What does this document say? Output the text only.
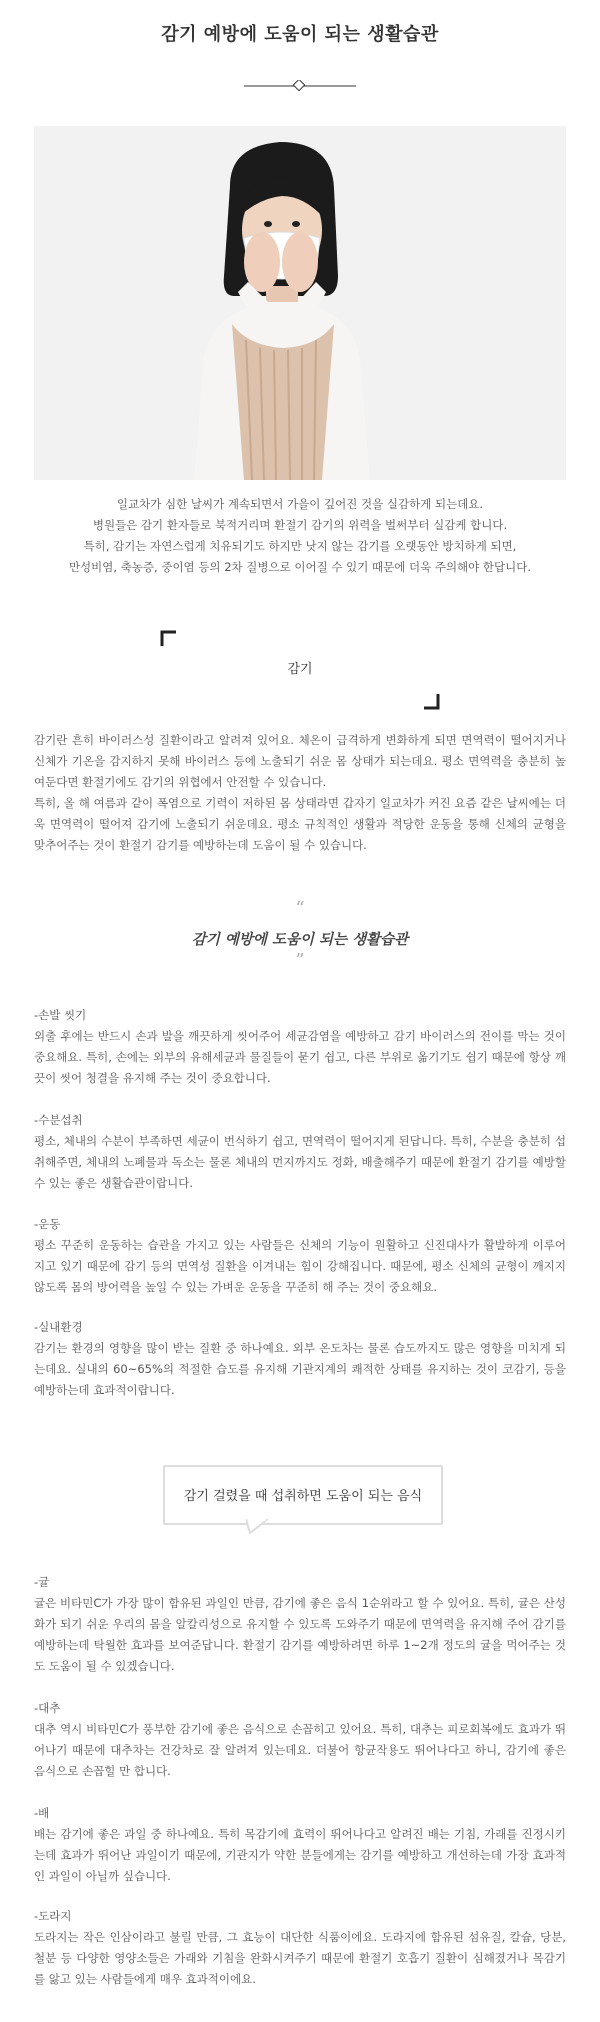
감기 예방에 도움이 되는 생활습관
일교차가 심한 날씨가 계속되면서 가을이 깊어진 것을 실감하게 되는데요.
병원들은 감기 환자들로 북적거리며 환절기 감기의 위력을 벌써부터 실감케 합니다.
특히, 감기는 자연스럽게 치유되기도 하지만 낫지 않는 감기를 오랫동안 방치하게 되면,
만성비염, 축농증, 중이염 등의 2차 질병으로 이어질 수 있기 때문에 더욱 주의해야 한답니다.
감기

감기란 흔히 바이러스성 질환이라고 알려져 있어요. 체온이 급격하게 변화하게 되면 면역력이 떨어지거나 신체가 기온을 감지하지 못해 바이러스 등에 노출되기 쉬운 몸 상태가 되는데요. 평소 면역력을 충분히 높여둔다면 환절기에도 감기의 위협에서 안전할 수 있습니다.

특히, 올 해 여름과 같이 폭염으로 기력이 저하된 몸 상태라면 갑자기 일교차가 커진 요즘 같은 날씨에는 더욱 면역력이 떨어져 감기에 노출되기 쉬운데요. 평소 규칙적인 생활과 적당한 운동을 통해 신체의 균형을 맞추어주는 것이 환절기 감기를 예방하는데 도움이 될 수 있습니다.

“
감기 예방에 도움이 되는 생활습관
”
-손발 씻기
외출 후에는 반드시 손과 발을 깨끗하게 씻어주어 세균감염을 예방하고 감기 바이러스의 전이를 막는 것이 중요해요. 특히, 손에는 외부의 유해세균과 물질들이 묻기 쉽고, 다른 부위로 옮기기도 쉽기 때문에 항상 깨끗이 씻어 청결을 유지해 주는 것이 중요합니다.
-수분섭취
평소, 체내의 수분이 부족하면 세균이 번식하기 쉽고, 면역력이 떨어지게 된답니다. 특히, 수분을 충분히 섭취해주면, 체내의 노폐물과 독소는 물론 체내의 먼지까지도 정화, 배출해주기 때문에 환절기 감기를 예방할 수 있는 좋은 생활습관이랍니다.
-운동
평소 꾸준히 운동하는 습관을 가지고 있는 사람들은 신체의 기능이 원활하고 신진대사가 활발하게 이루어지고 있기 때문에 감기 등의 면역성 질환을 이겨내는 힘이 강해집니다. 때문에, 평소 신체의 균형이 깨지지 않도록 몸의 방어력을 높일 수 있는 가벼운 운동을 꾸준히 해 주는 것이 중요해요.
-실내환경
감기는 환경의 영향을 많이 받는 질환 중 하나예요. 외부 온도차는 물론 습도까지도 많은 영향을 미치게 되는데요. 실내의 60~65%의 적절한 습도를 유지해 기관지계의 쾌적한 상태를 유지하는 것이 코감기, 등을 예방하는데 효과적이랍니다.
감기 걸렸을 때 섭취하면 도움이 되는 음식
-귤
귤은 비타민C가 가장 많이 함유된 과일인 만큼, 감기에 좋은 음식 1순위라고 할 수 있어요. 특히, 귤은 산성화가 되기 쉬운 우리의 몸을 알칼리성으로 유지할 수 있도록 도와주기 때문에 면역력을 유지해 주어 감기를 예방하는데 탁월한 효과를 보여준답니다. 환절기 감기를 예방하려면 하루 1~2개 정도의 귤을 먹어주는 것도 도움이 될 수 있겠습니다.
-대추
대추 역시 비타민C가 풍부한 감기에 좋은 음식으로 손꼽히고 있어요. 특히, 대추는 피로회복에도 효과가 뛰어나기 때문에 대추차는 건강차로 잘 알려져 있는데요. 더불어 항균작용도 뛰어나다고 하니, 감기에 좋은 음식으로 손꼽힐 만 합니다.
-배
배는 감기에 좋은 과일 중 하나예요. 특히 목감기에 효력이 뛰어나다고 알려진 배는 기침, 가래를 진정시키는데 효과가 뛰어난 과일이기 때문에, 기관지가 약한 분들에게는 감기를 예방하고 개선하는데 가장 효과적인 과일이 아닐까 싶습니다.
-도라지
도라지는 작은 인삼이라고 불릴 만큼, 그 효능이 대단한 식품이에요. 도라지에 함유된 섬유질, 칼슘, 당분, 철분 등 다양한 영양소들은 가래와 기침을 완화시켜주기 때문에 환절기 호흡기 질환이 심해졌거나 목감기를 앓고 있는 사람들에게 매우 효과적이에요.
